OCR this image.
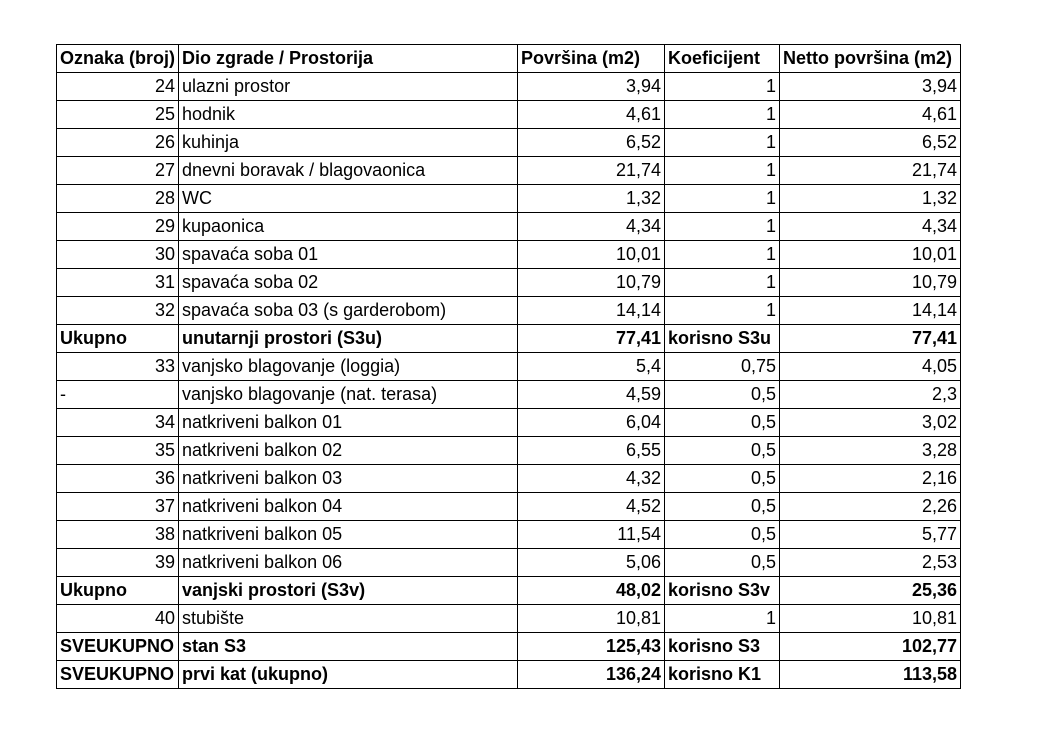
Oznaka (broj)	Dio zgrade / Prostorija	Površina (m2)	Koeficijent	Netto površina (m2)
24	ulazni prostor	3,94	1	3,94
25	hodnik	4,61	1	4,61
26	kuhinja	6,52	1	6,52
27	dnevni boravak / blagovaonica	21,74	1	21,74
28	WC	1,32	1	1,32
29	kupaonica	4,34	1	4,34
30	spavaća soba 01	10,01	1	10,01
31	spavaća soba 02	10,79	1	10,79
32	spavaća soba 03 (s garderobom)	14,14	1	14,14
Ukupno	unutarnji prostori (S3u)	77,41	korisno S3u	77,41
33	vanjsko blagovanje (loggia)	5,4	0,75	4,05
-	vanjsko blagovanje (nat. terasa)	4,59	0,5	2,3
34	natkriveni balkon 01	6,04	0,5	3,02
35	natkriveni balkon 02	6,55	0,5	3,28
36	natkriveni balkon 03	4,32	0,5	2,16
37	natkriveni balkon 04	4,52	0,5	2,26
38	natkriveni balkon 05	11,54	0,5	5,77
39	natkriveni balkon 06	5,06	0,5	2,53
Ukupno	vanjski prostori (S3v)	48,02	korisno S3v	25,36
40	stubište	10,81	1	10,81
SVEUKUPNO	stan S3	125,43	korisno S3	102,77
SVEUKUPNO	prvi kat (ukupno)	136,24	korisno K1	113,58
